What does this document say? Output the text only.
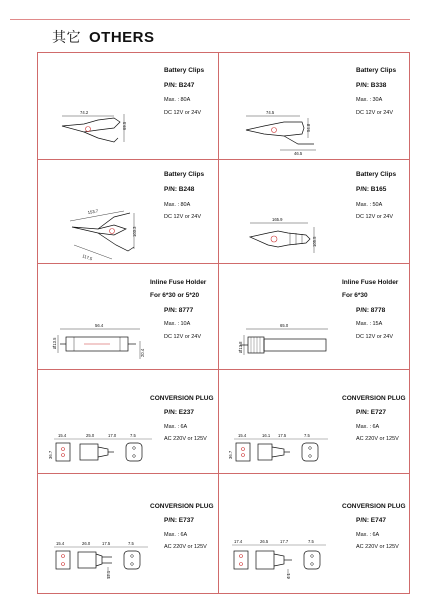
其它 OTHERS
Battery Clips
P/N: B247
Max. : 80A
DC 12V or 24V
74.2
69.5
Battery Clips
P/N: B338
Max. : 30A
DC 12V or 24V
74.5
54.8
46.5
Battery Clips
P/N: B248
Max. : 80A
DC 12V or 24V
153.7
103.3
117.5
Battery Clips
P/N: B165
Max. : 50A
DC 12V or 24V
165.9
105.5
Inline Fuse Holder
For 6*30 or 5*20
P/N: 8777
Max. : 10A
DC 12V or 24V
56.4
Ø13.5
20.4
Inline Fuse Holder
For 6*30
P/N: 8778
Max. : 15A
DC 12V or 24V
65.0
Ø13.8
CONVERSION PLUG
P/N: E237
Max. : 6A
AC 220V or 125V
15.4	25.0	17.0	7.5
36.7
CONVERSION PLUG
P/N: E727
Max. : 6A
AC 220V or 125V
15.4	16.1 17.5	7.5
36.7
CONVERSION PLUG
P/N: E737
Max. : 6A
AC 220V or 125V
15.4	26.0	17.5	7.5
12.1
CONVERSION PLUG
P/N: E747
Max. : 6A
AC 220V or 125V
17.4	26.5	17.7	7.5
4.1
